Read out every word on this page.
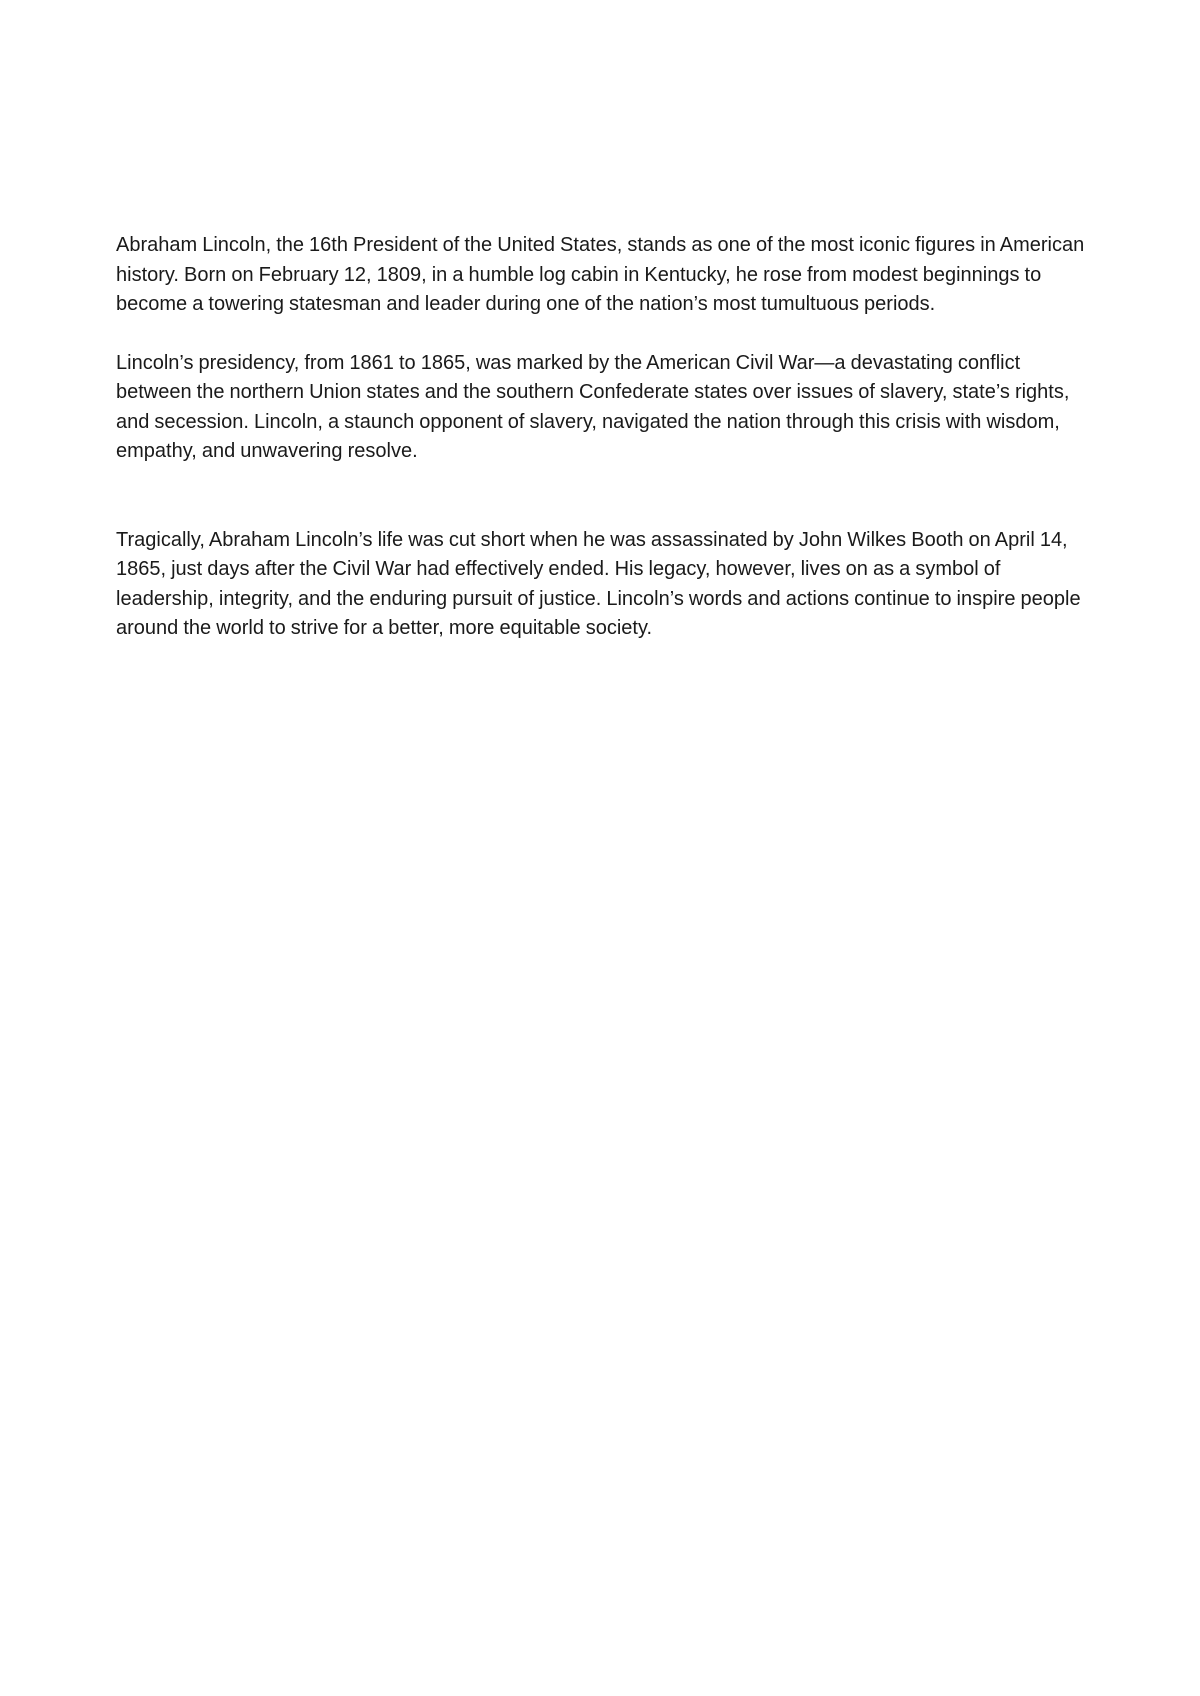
Abraham Lincoln, the 16th President of the United States, stands as one of the most iconic figures in American history. Born on February 12, 1809, in a humble log cabin in Kentucky, he rose from modest beginnings to become a towering statesman and leader during one of the nation’s most tumultuous periods.

Lincoln’s presidency, from 1861 to 1865, was marked by the American Civil War—a devastating conflict between the northern Union states and the southern Confederate states over issues of slavery, state’s rights, and secession. Lincoln, a staunch opponent of slavery, navigated the nation through this crisis with wisdom, empathy, and unwavering resolve.

Tragically, Abraham Lincoln’s life was cut short when he was assassinated by John Wilkes Booth on April 14, 1865, just days after the Civil War had effectively ended. His legacy, however, lives on as a symbol of leadership, integrity, and the enduring pursuit of justice. Lincoln’s words and actions continue to inspire people around the world to strive for a better, more equitable society.
